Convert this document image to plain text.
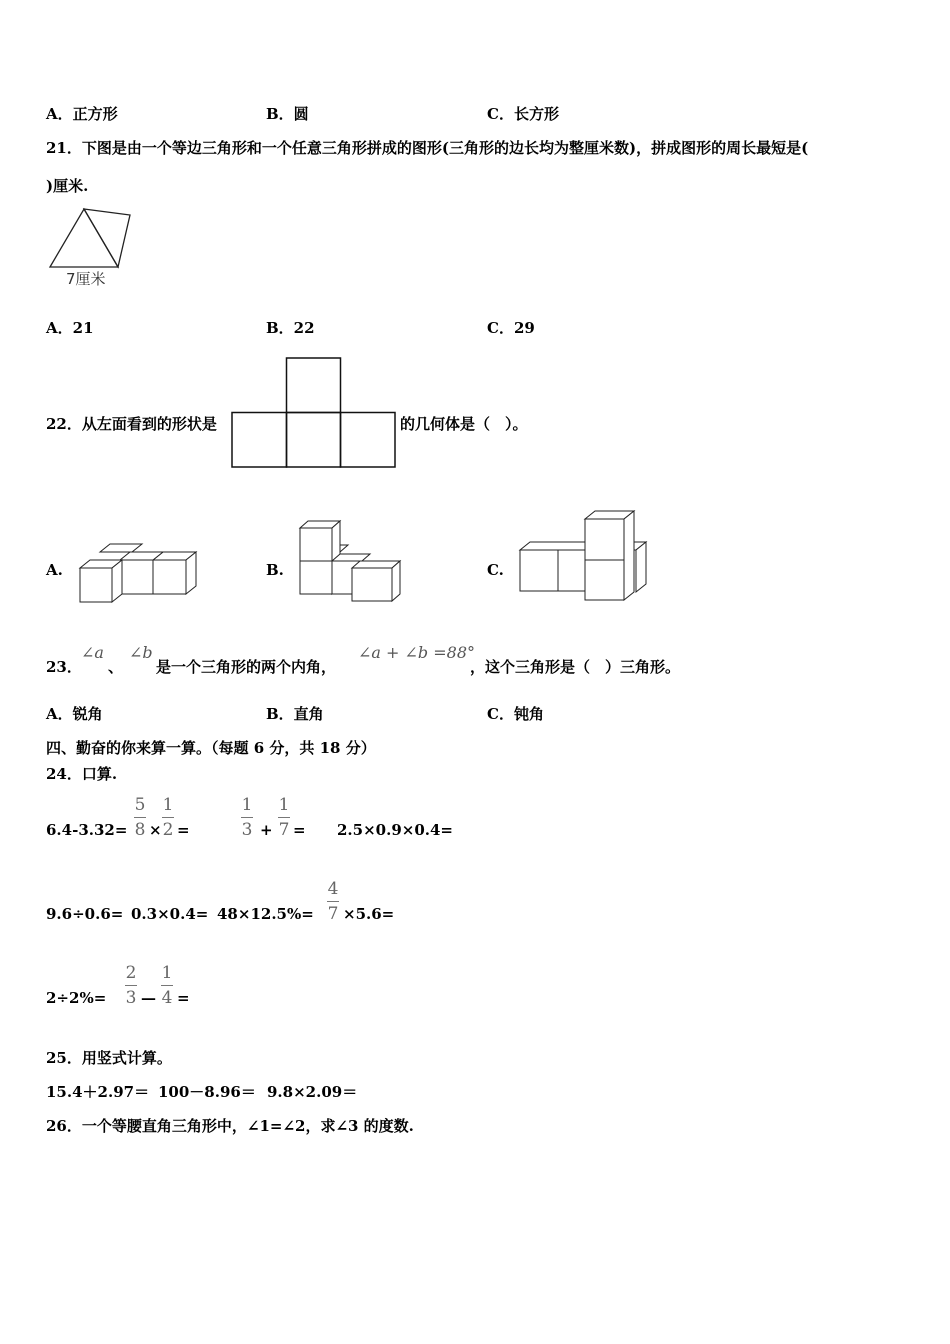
A．正方形	B．圆	C．长方形
21．下图是由一个等边三角形和一个任意三角形拼成的图形(三角形的边长均为整厘米数)，拼成图形的周长最短是(
)厘米.
7厘米
A．21	B．22	C．29
22．从左面看到的形状是	的几何体是（　）。
A.	B.	C.
23．
∠a
、
∠b
是一个三角形的两个内角，
∠a + ∠b =88°
，这个三角形是（　）三角形。
A．锐角	B．直角	C．钝角
四、勤奋的你来算一算。（每题 6 分，共 18 分）
24．口算.
6.4-3.32=
5
8 ×
1
2 =
1
3 +
1
7 = 2.5×0.9×0.4=
9.6÷0.6= 0.3×0.4= 48×12.5%=
4
7 ×5.6=
2÷2%=
2
3 —
1
4 =
25．用竖式计算。
15.4＋2.97＝ 100－8.96＝ 9.8×2.09＝
26．一个等腰直角三角形中，∠1=∠2，求∠3 的度数.
